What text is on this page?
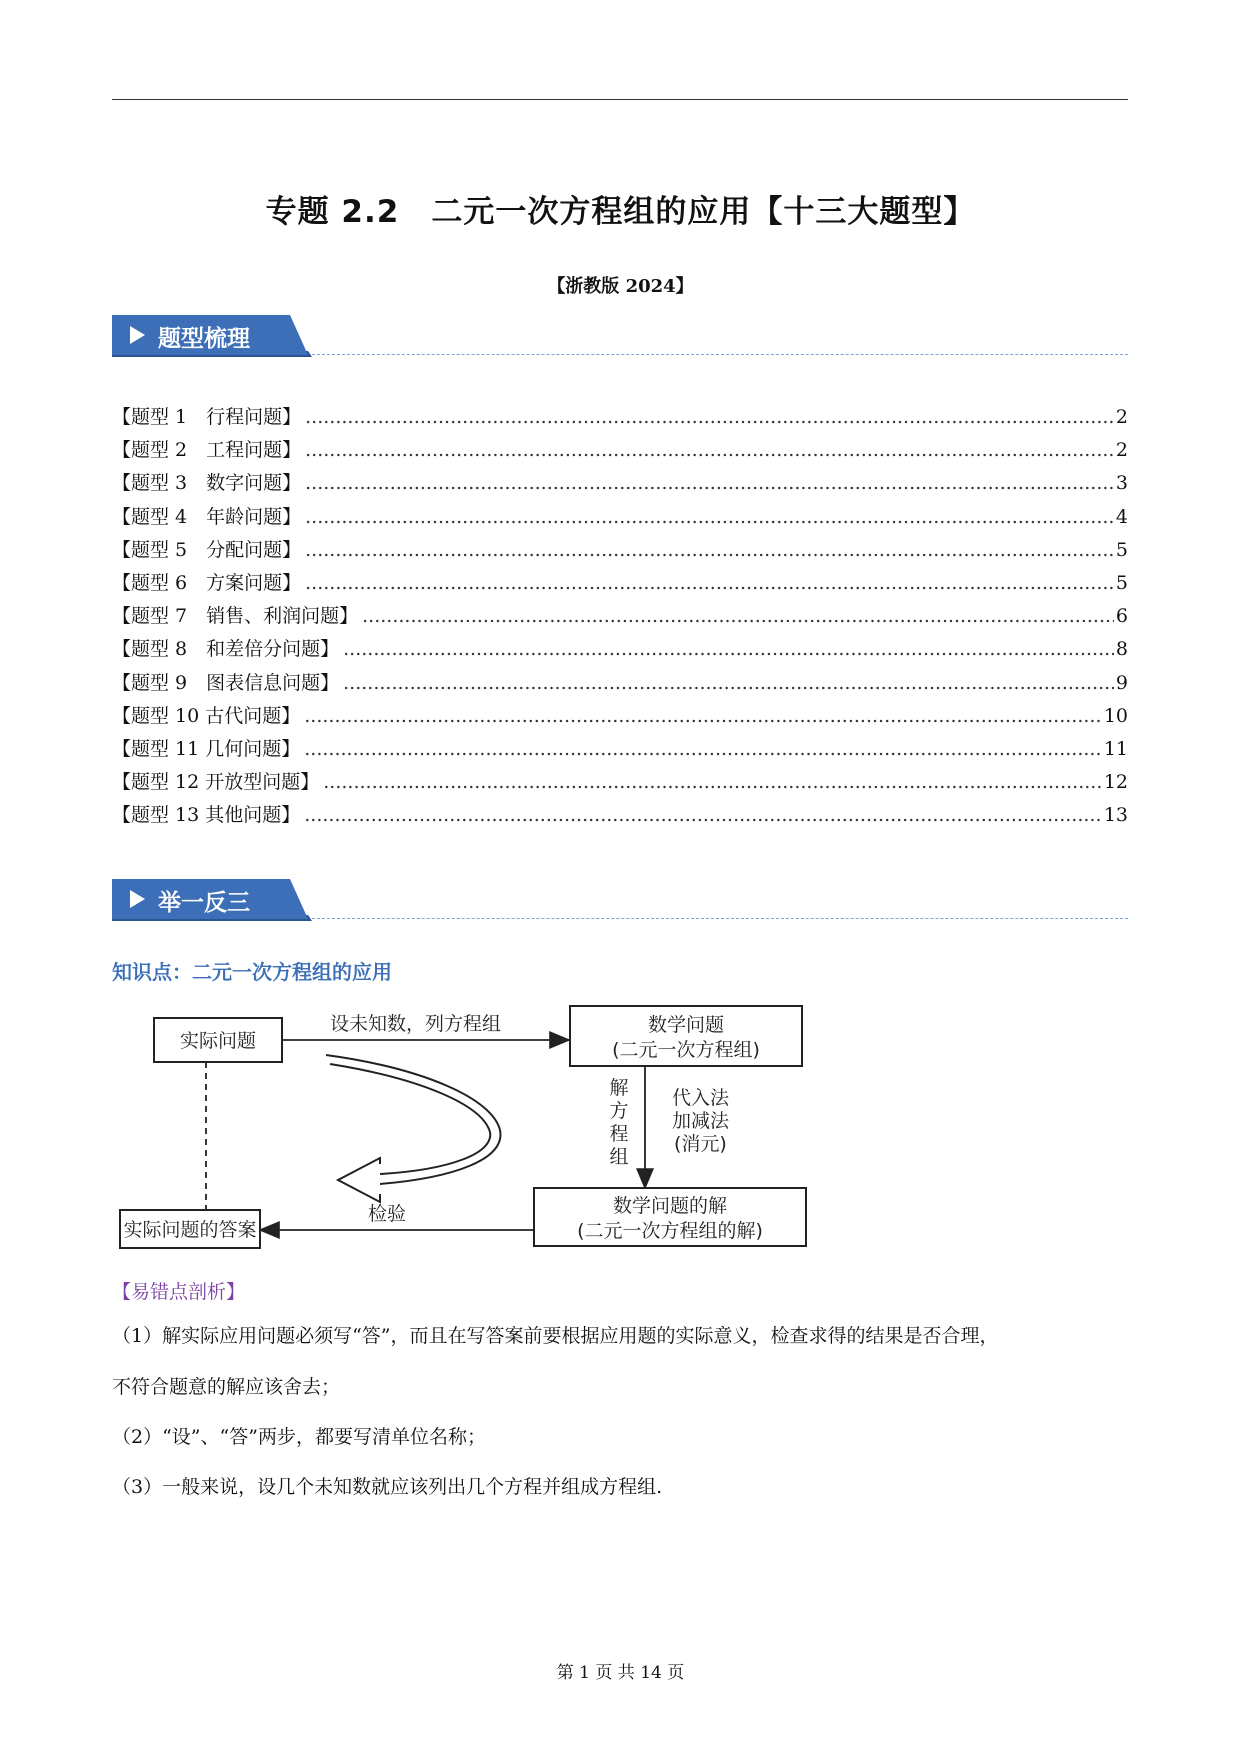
专题 2.2　二元一次方程组的应用【十三大题型】
【浙教版 2024】
题型梳理
【题型 1　行程问题】 .....	2
【题型 2　工程问题】 .....	2
【题型 3　数字问题】 .....	3
【题型 4　年龄问题】 .....	4
【题型 5　分配问题】 .....	5
【题型 6　方案问题】 .....	5
【题型 7　销售、利润问题】 .....	6
【题型 8　和差倍分问题】 .....	8
【题型 9　图表信息问题】 .....	9
【题型 10 古代问题】 .....	10
【题型 11 几何问题】 .....	11
【题型 12 开放型问题】 .....	12
【题型 13 其他问题】 .....	13
举一反三
知识点：二元一次方程组的应用
实际问题
设未知数，列方程组	数学问题
(二元一次方程组)
解
方
程
组
代入法
加减法
(消元)
数学问题的解
(二元一次方程组的解)
检验
实际问题的答案
【易错点剖析】
（1）解实际应用问题必须写“答”，而且在写答案前要根据应用题的实际意义，检查求得的结果是否合理，
不符合题意的解应该舍去；
（2）“设”、“答”两步，都要写清单位名称；
（3）一般来说，设几个未知数就应该列出几个方程并组成方程组.
第 1 页 共 14 页
